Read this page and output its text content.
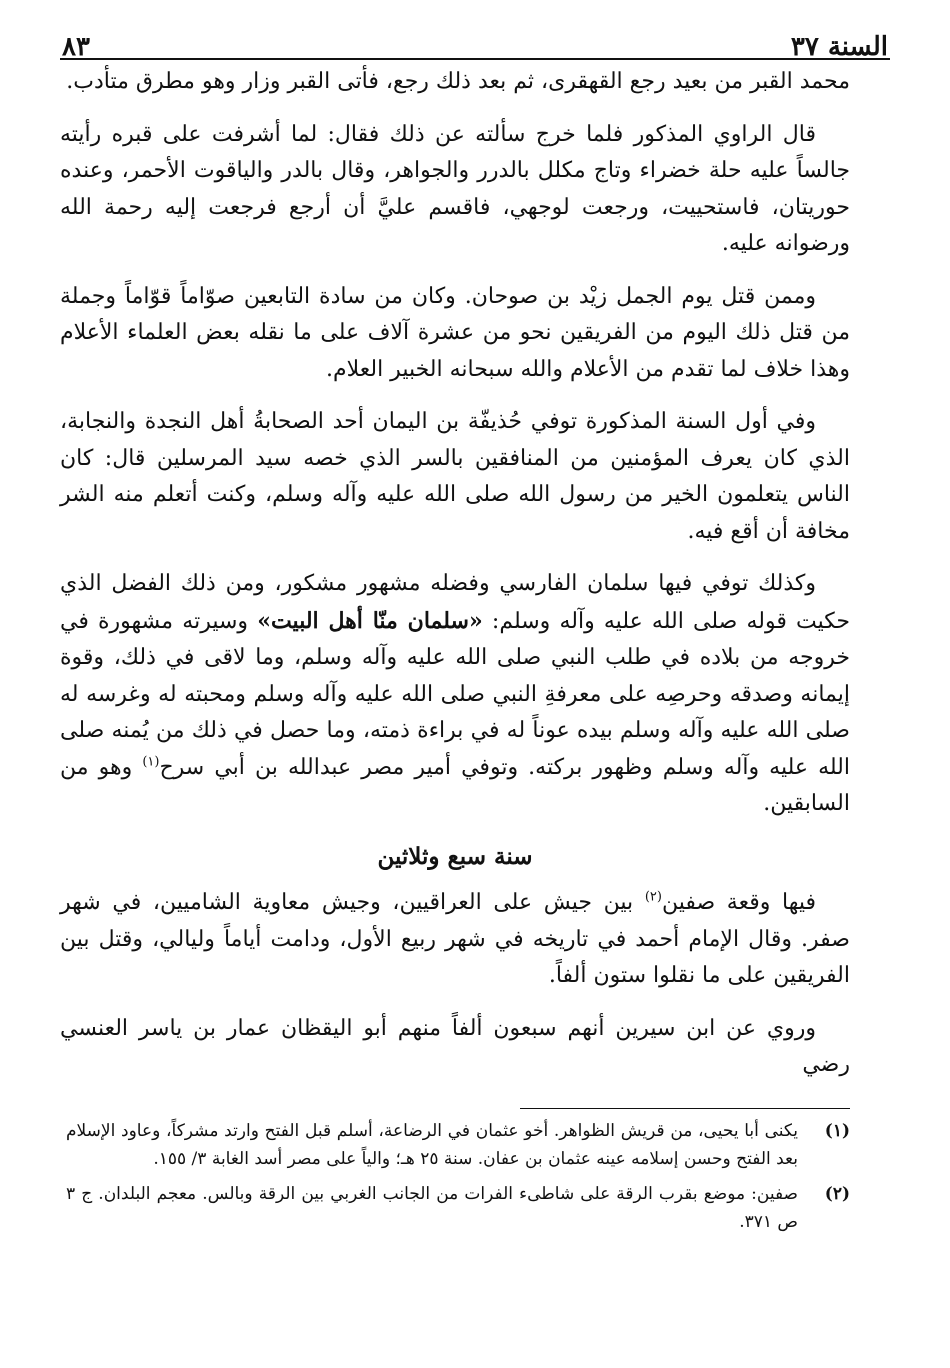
السنة ٣٧
٨٣

محمد القبر من بعيد رجع القهقرى، ثم بعد ذلك رجع، فأتى القبر وزار وهو مطرق متأدب.

قال الراوي المذكور فلما خرج سألته عن ذلك فقال: لما أشرفت على قبره رأيته جالساً عليه حلة خضراء وتاج مكلل بالدرر والجواهر، وقال بالدر والياقوت الأحمر، وعنده حوريتان، فاستحييت، ورجعت لوجهي، فاقسم عليَّ أن أرجع فرجعت إليه رحمة الله ورضوانه عليه.

وممن قتل يوم الجمل زيْد بن صوحان. وكان من سادة التابعين صوّاماً قوّاماً وجملة من قتل ذلك اليوم من الفريقين نحو من عشرة آلاف على ما نقله بعض العلماء الأعلام وهذا خلاف لما تقدم من الأعلام والله سبحانه الخبير العلام.

وفي أول السنة المذكورة توفي حُذيفّة بن اليمان أحد الصحابةُ أهل النجدة والنجابة، الذي كان يعرف المؤمنين من المنافقين بالسر الذي خصه سيد المرسلين قال: كان الناس يتعلمون الخير من رسول الله صلى الله عليه وآله وسلم، وكنت أتعلم منه الشر مخافة أن أقع فيه.

وكذلك توفي فيها سلمان الفارسي وفضله مشهور مشكور، ومن ذلك الفضل الذي حكيت قوله صلى الله عليه وآله وسلم: «سلمان منّا أهل البيت» وسيرته مشهورة في خروجه من بلاده في طلب النبي صلى الله عليه وآله وسلم، وما لاقى في ذلك، وقوة إيمانه وصدقه وحرصِه على معرفةِ النبي صلى الله عليه وآله وسلم ومحبته له وغرسه له صلى الله عليه وآله وسلم بيده عوناً له في براءة ذمته، وما حصل في ذلك من يُمنه صلى الله عليه وآله وسلم وظهور بركته. وتوفي أمير مصر عبدالله بن أبي سرح$^{(١)}$ وهو من السابقين.

سنة سبع وثلاثين

فيها وقعة صفين$^{(٢)}$ بين جيش على العراقيين، وجيش معاوية الشاميين، في شهر صفر. وقال الإمام أحمد في تاريخه في شهر ربيع الأول، ودامت أياماً وليالي، وقتل بين الفريقين على ما نقلوا ستون ألفاً.

وروي عن ابن سيرين أنهم سبعون ألفاً منهم أبو اليقظان عمار بن ياسر العنسي رضي

(١)
يكنى أبا يحيى، من قريش الظواهر. أخو عثمان في الرضاعة، أسلم قبل الفتح وارتد مشركاً، وعاود الإسلام بعد الفتح وحسن إسلامه عينه عثمان بن عفان. سنة ٢٥ هـ؛ والياً على مصر أسد الغابة ٣/ ١٥٥.
(٢)
صفين: موضع بقرب الرقة على شاطىء الفرات من الجانب الغربي بين الرقة وبالس. معجم البلدان. ج ٣ ص ٣٧١.
